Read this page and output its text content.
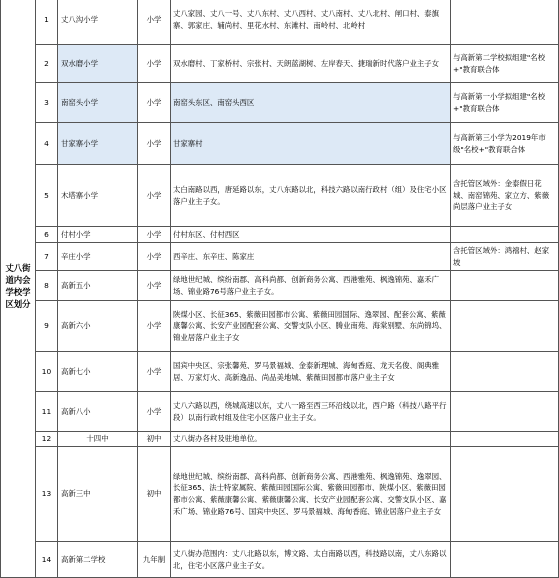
丈八街道内会学校学区划分	1	丈八沟小学	小学	丈八家园、丈八一号、丈八东村、丈八西村、丈八南村、丈八北村、闸口村、泰旗寨、郭家庄、辅尚村、里花水村、东滩村、南岭村、北岭村	
	2	双水磨小学	小学	双水磨村、丁家桥村、宗张村、天朗蓝湖树、左岸春天、捷瑞新时代落户业主子女	与高新第二学校拟组建"名校+"教育联合体
	3	南窑头小学	小学	南窑头东区、南窑头西区	与高新第一小学拟组建"名校+"教育联合体
	4	甘家寨小学	小学	甘家寨村	与高新第三小学为2019年市级"名校+"教育联合体
	5	木塔寨小学	小学	太白南路以西，唐延路以东，丈八东路以北，科技六路以南行政村（组）及住宅小区落户业主子女。	含托管区域外：金泰假日花城、南窑锦苑、家立方、紫薇尚层落户业主子女
	6	付村小学	小学	付村东区、付村西区	
	7	辛庄小学	小学	西辛庄、东辛庄、陈家庄	含托管区域外：鸿禧村、赵家坡
	8	高新五小	小学	绿地世纪城、缤纷南郡、高科尚都、创新商务公寓、西港雅苑、枫逸锦苑、嘉禾广场、锦业路76号落户业主子女。	
	9	高新六小	小学	陕煤小区、长征365、紫薇田园都市公寓、紫薇田园国际、逸翠园、配套公寓、紫薇康馨公寓、长安产业园配套公寓、交警支队小区、腾业南苑、海棠别墅、东尚锦坞、锦业居落户业主子女	
	10	高新七小	小学	国宾中央区、宗张馨苑、罗马景福城、金泰新理城、海甸香庭、龙天名俊、阁典雅居、万家灯火、高新逸品、尚品美地城、紫薇田园都市落户业主子女	
	11	高新八小	小学	丈八六路以西，绕城高速以东，丈八一路至西三环沿线以北，西户路（科技八路平行段）以南行政村组及住宅小区落户业主子女。	
	12	十四中	初中	丈八街办各村及驻地单位。	
	13	高新三中	初中	绿地世纪城、缤纷南郡、高科尚都、创新商务公寓、西港雅苑、枫逸锦苑、逸翠园、长征365、法士特家属院、紫薇田园国际公寓、紫薇田园都市、陕煤小区、紫薇田园都市公寓、紫薇康馨公寓、紫薇康馨公寓、长安产业园配套公寓、交警支队小区、嘉禾广场、锦业路76号、国宾中央区、罗马景福城、海甸香庭、锦业居落户业主子女	
	14	高新第二学校	九年制	丈八街办范围内：丈八北路以东，博文路、太白南路以西，科技路以南，丈八东路以北，住宅小区落户业主子女。	
